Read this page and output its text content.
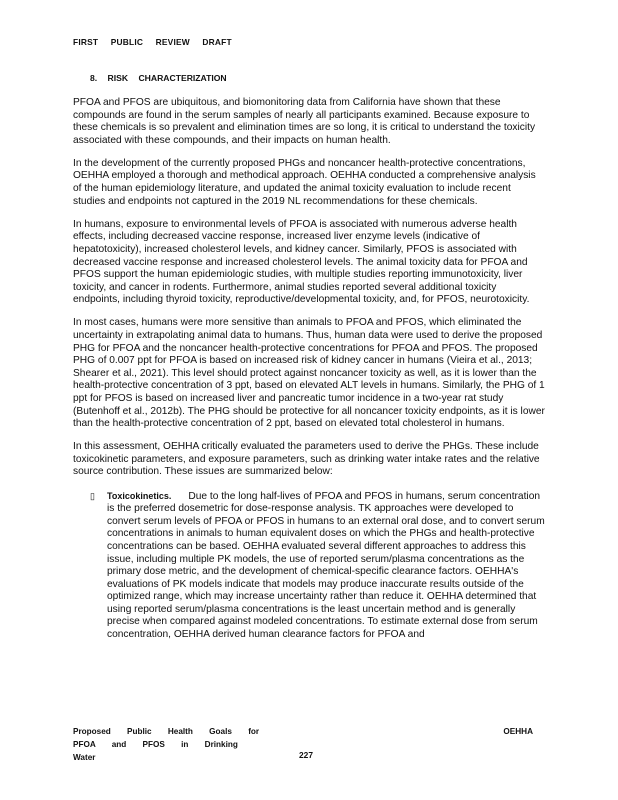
FIRST PUBLIC REVIEW DRAFT
8. RISK CHARACTERIZATION

PFOA and PFOS are ubiquitous, and biomonitoring data from California have shown that these compounds are found in the serum samples of nearly all participants examined. Because exposure to these chemicals is so prevalent and elimination times are so long, it is critical to understand the toxicity associated with these compounds, and their impacts on human health.

In the development of the currently proposed PHGs and noncancer health-protective concentrations, OEHHA employed a thorough and methodical approach. OEHHA conducted a comprehensive analysis of the human epidemiology literature, and updated the animal toxicity evaluation to include recent studies and endpoints not captured in the 2019 NL recommendations for these chemicals.

In humans, exposure to environmental levels of PFOA is associated with numerous adverse health effects, including decreased vaccine response, increased liver enzyme levels (indicative of hepatotoxicity), increased cholesterol levels, and kidney cancer. Similarly, PFOS is associated with decreased vaccine response and increased cholesterol levels. The animal toxicity data for PFOA and PFOS support the human epidemiologic studies, with multiple studies reporting immunotoxicity, liver toxicity, and cancer in rodents. Furthermore, animal studies reported several additional toxicity endpoints, including thyroid toxicity, reproductive/developmental toxicity, and, for PFOS, neurotoxicity.

In most cases, humans were more sensitive than animals to PFOA and PFOS, which eliminated the uncertainty in extrapolating animal data to humans. Thus, human data were used to derive the proposed PHG for PFOA and the noncancer health-protective concentrations for PFOA and PFOS. The proposed PHG of 0.007 ppt for PFOA is based on increased risk of kidney cancer in humans (Vieira et al., 2013; Shearer et al., 2021). This level should protect against noncancer toxicity as well, as it is lower than the health-protective concentration of 3 ppt, based on elevated ALT levels in humans. Similarly, the PHG of 1 ppt for PFOS is based on increased liver and pancreatic tumor incidence in a two-year rat study (Butenhoff et al., 2012b). The PHG should be protective for all noncancer toxicity endpoints, as it is lower than the health-protective concentration of 2 ppt, based on elevated total cholesterol in humans.

In this assessment, OEHHA critically evaluated the parameters used to derive the PHGs. These include toxicokinetic parameters, and exposure parameters, such as drinking water intake rates and the relative source contribution. These issues are summarized below:

▯ Toxicokinetics. Due to the long half-lives of PFOA and PFOS in humans, serum concentration is the preferred dosemetric for dose-response analysis. TK approaches were developed to convert serum levels of PFOA or PFOS in humans to an external oral dose, and to convert serum concentrations in animals to human equivalent doses on which the PHGs and health-protective concentrations can be based. OEHHA evaluated several different approaches to address this issue, including multiple PK models, the use of reported serum/plasma concentrations as the primary dose metric, and the development of chemical-specific clearance factors. OEHHA's evaluations of PK models indicate that models may produce inaccurate results outside of the optimized range, which may increase uncertainty rather than reduce it. OEHHA determined that using reported serum/plasma concentrations is the least uncertain method and is generally precise when compared against modeled concentrations. To estimate external dose from serum concentration, OEHHA derived human clearance factors for PFOA and
Proposed Public Health Goals for
PFOA and PFOS in Drinking Water
OEHHA
227
